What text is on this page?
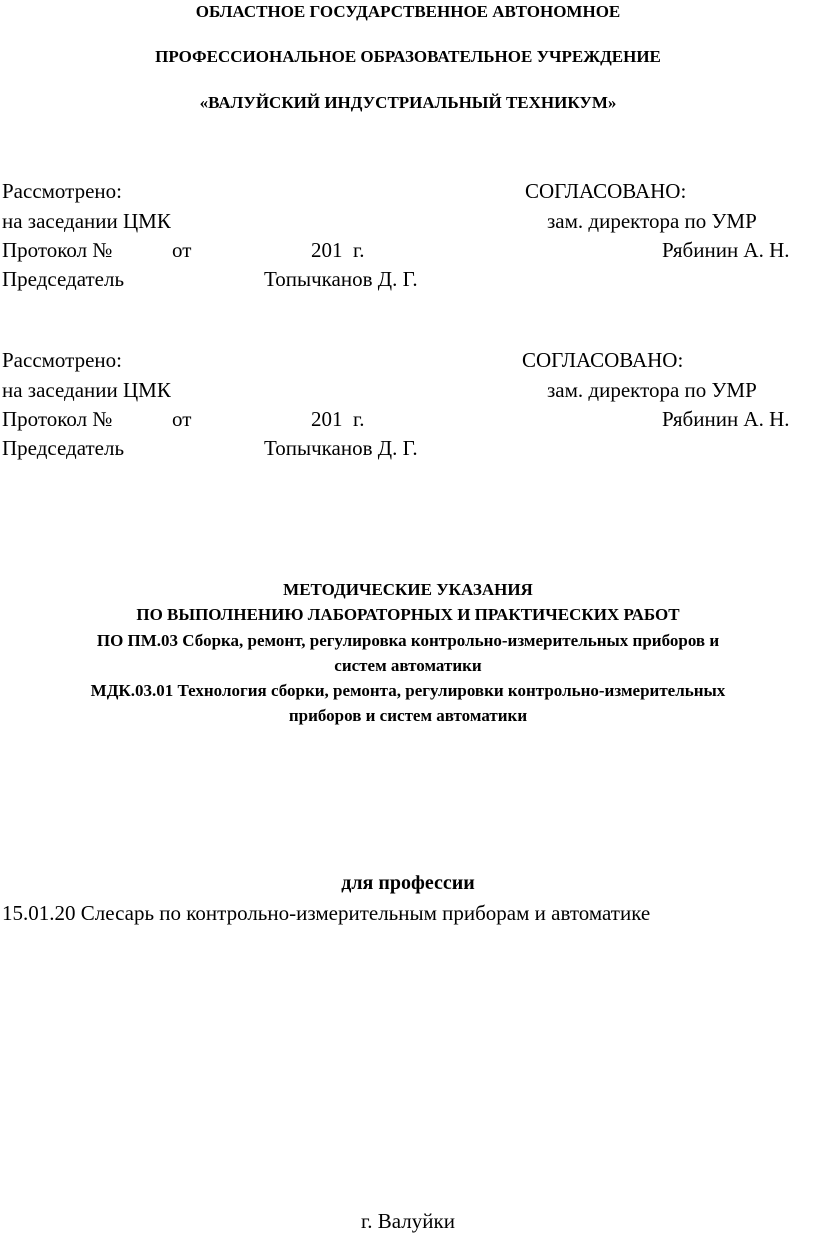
ОБЛАСТНОЕ ГОСУДАРСТВЕННОЕ АВТОНОМНОЕ
ПРОФЕССИОНАЛЬНОЕ ОБРАЗОВАТЕЛЬНОЕ УЧРЕЖДЕНИЕ
«ВАЛУЙСКИЙ ИНДУСТРИАЛЬНЫЙ ТЕХНИКУМ»
Рассмотрено:	СОГЛАСОВАНО:
на заседании ЦМК	зам. директора по УМР
Протокол №	от	201  г.	Рябинин А. Н.
Председатель	Топычканов Д. Г.
Рассмотрено:	СОГЛАСОВАНО:
на заседании ЦМК	зам. директора по УМР
Протокол №	от	201  г.	Рябинин А. Н.
Председатель	Топычканов Д. Г.
МЕТОДИЧЕСКИЕ УКАЗАНИЯ
ПО ВЫПОЛНЕНИЮ ЛАБОРАТОРНЫХ И ПРАКТИЧЕСКИХ РАБОТ
ПО ПМ.03 Сборка, ремонт, регулировка контрольно-измерительных приборов и
систем автоматики
МДК.03.01 Технология сборки, ремонта, регулировки контрольно-измерительных
приборов и систем автоматики
для профессии
15.01.20 Слесарь по контрольно-измерительным приборам и автоматике
г. Валуйки
